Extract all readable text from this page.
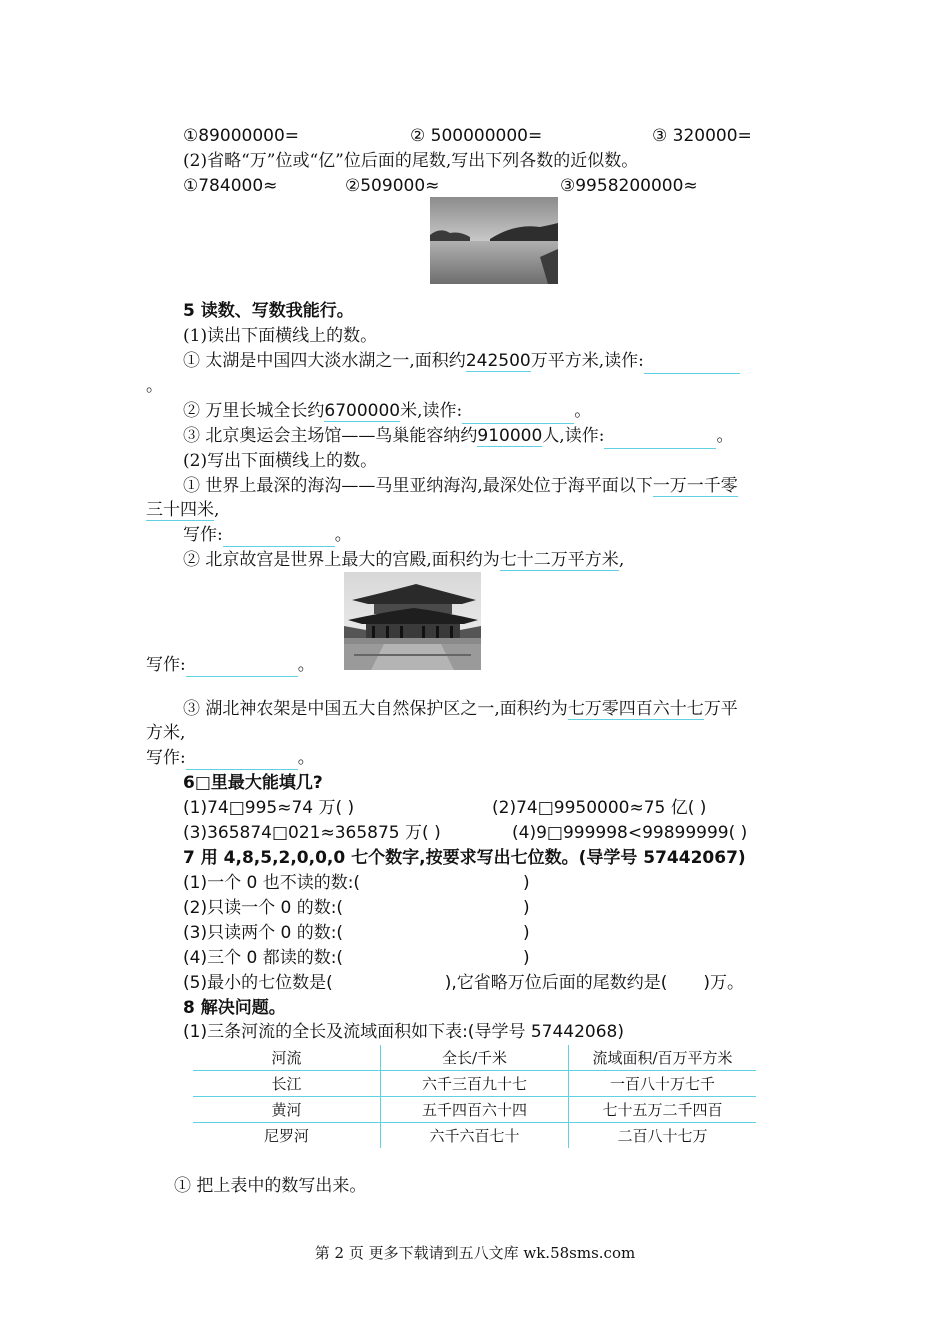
①89000000=	② 500000000=	③ 320000=
(2)省略“万”位或“亿”位后面的尾数,写出下列各数的近似数。
①784000≈	②509000≈	③9958200000≈
5 读数、写数我能行。
(1)读出下面横线上的数。
① 太湖是中国四大淡水湖之一,面积约242500万平方米,读作:
。
② 万里长城全长约6700000米,读作:	。
③ 北京奥运会主场馆——鸟巢能容纳约910000人,读作:	。
(2)写出下面横线上的数。
① 世界上最深的海沟——马里亚纳海沟,最深处位于海平面以下一万一千零
三十四米,
写作:	。
② 北京故宫是世界上最大的宫殿,面积约为七十二万平方米,
写作:	。
③ 湖北神农架是中国五大自然保护区之一,面积约为七万零四百六十七万平
方米,
写作:	。
6□里最大能填几?
(1)74□995≈74 万( )	(2)74□9950000≈75 亿( )
(3)365874□021≈365875 万( )	(4)9□999998<99899999( )
7 用 4,8,5,2,0,0,0 七个数字,按要求写出七位数。(导学号 57442067)
(1)一个 0 也不读的数:(	)
(2)只读一个 0 的数:(	)
(3)只读两个 0 的数:(	)
(4)三个 0 都读的数:(	)
(5)最小的七位数是(	),它省略万位后面的尾数约是( )万。
8 解决问题。
(1)三条河流的全长及流域面积如下表:(导学号 57442068)
河流	全长/千米	流域面积/百万平方米
长江	六千三百九十七	一百八十万七千
黄河	五千四百六十四	七十五万二千四百
尼罗河	六千六百七十	二百八十七万
① 把上表中的数写出来。
第 2 页 更多下载请到五八文库 wk.58sms.com
